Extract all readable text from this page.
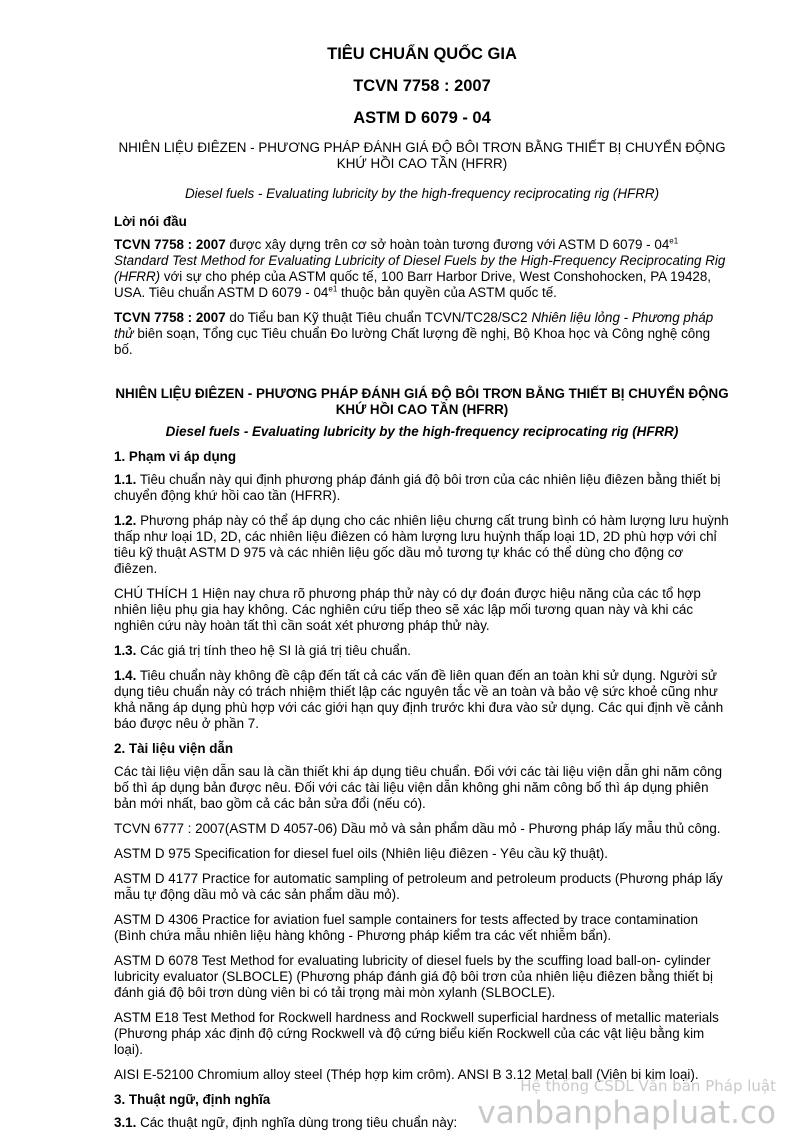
TIÊU CHUẨN QUỐC GIA
TCVN 7758 : 2007
ASTM D 6079 - 04
NHIÊN LIỆU ĐIÊZEN - PHƯƠNG PHÁP ĐÁNH GIÁ ĐỘ BÔI TRƠN BẰNG THIẾT BỊ CHUYỂN ĐỘNG KHỨ HỒI CAO TẦN (HFRR)
Diesel fuels - Evaluating lubricity by the high-frequency reciprocating rig (HFRR)
Lời nói đầu

TCVN 7758 : 2007 được xây dựng trên cơ sở hoàn toàn tương đương với ASTM D $6079 - 04^{e1}$ Standard Test Method for Evaluating Lubricity of Diesel Fuels by the High-Frequency Reciprocating Rig (HFRR) với sự cho phép của ASTM quốc tế, 100 Barr Harbor Drive, West Conshohocken, PA 19428, USA. Tiêu chuẩn ASTM D $6079 - 04^{e1}$ thuộc bản quyền của ASTM quốc tế.

TCVN 7758 : 2007 do Tiểu ban Kỹ thuật Tiêu chuẩn TCVN/TC28/SC2 Nhiên liệu lỏng - Phương pháp thử biên soạn, Tổng cục Tiêu chuẩn Đo lường Chất lượng đề nghị, Bộ Khoa học và Công nghệ công bố.

NHIÊN LIỆU ĐIÊZEN - PHƯƠNG PHÁP ĐÁNH GIÁ ĐỘ BÔI TRƠN BẰNG THIẾT BỊ CHUYỂN ĐỘNG KHỨ HỒI CAO TẦN (HFRR)
Diesel fuels - Evaluating lubricity by the high-frequency reciprocating rig (HFRR)
1. Phạm vi áp dụng

1.1. Tiêu chuẩn này qui định phương pháp đánh giá độ bôi trơn của các nhiên liệu điêzen bằng thiết bị chuyển động khứ hồi cao tần (HFRR).

1.2. Phương pháp này có thể áp dụng cho các nhiên liệu chưng cất trung bình có hàm lượng lưu huỳnh thấp như loại 1D, 2D, các nhiên liệu điêzen có hàm lượng lưu huỳnh thấp loại 1D, 2D phù hợp với chỉ tiêu kỹ thuật ASTM D 975 và các nhiên liệu gốc dầu mỏ tương tự khác có thể dùng cho động cơ điêzen.

CHÚ THÍCH 1 Hiện nay chưa rõ phương pháp thử này có dự đoán được hiệu năng của các tổ hợp nhiên liệu phụ gia hay không. Các nghiên cứu tiếp theo sẽ xác lập mối tương quan này và khi các nghiên cứu này hoàn tất thì cần soát xét phương pháp thử này.

1.3. Các giá trị tính theo hệ SI là giá trị tiêu chuẩn.

1.4. Tiêu chuẩn này không đề cập đến tất cả các vấn đề liên quan đến an toàn khi sử dụng. Người sử dụng tiêu chuẩn này có trách nhiệm thiết lập các nguyên tắc về an toàn và bảo vệ sức khoẻ cũng như khả năng áp dụng phù hợp với các giới hạn quy định trước khi đưa vào sử dụng. Các qui định về cảnh báo được nêu ở phần 7.

2. Tài liệu viện dẫn

Các tài liệu viện dẫn sau là cần thiết khi áp dụng tiêu chuẩn. Đối với các tài liệu viện dẫn ghi năm công bố thì áp dụng bản được nêu. Đối với các tài liệu viện dẫn không ghi năm công bố thì áp dụng phiên bản mới nhất, bao gồm cả các bản sửa đổi (nếu có).

TCVN 6777 : 2007(ASTM D 4057-06) Dầu mỏ và sản phẩm dầu mỏ - Phương pháp lấy mẫu thủ công.

ASTM D 975 Specification for diesel fuel oils (Nhiên liệu điêzen - Yêu cầu kỹ thuật).

ASTM D 4177 Practice for automatic sampling of petroleum and petroleum products (Phương pháp lấy mẫu tự động dầu mỏ và các sản phẩm dầu mỏ).

ASTM D 4306 Practice for aviation fuel sample containers for tests affected by trace contamination (Bình chứa mẫu nhiên liệu hàng không - Phương pháp kiểm tra các vết nhiễm bẩn).

ASTM D 6078 Test Method for evaluating lubricity of diesel fuels by the scuffing load ball-on- cylinder lubricity evaluator (SLBOCLE) (Phương pháp đánh giá độ bôi trơn của nhiên liệu điêzen bằng thiết bị đánh giá độ bôi trơn dùng viên bi có tải trọng mài mòn xylanh (SLBOCLE).

ASTM E18 Test Method for Rockwell hardness and Rockwell superficial hardness of metallic materials (Phương pháp xác định độ cứng Rockwell và độ cứng biểu kiến Rockwell của các vật liệu bằng kim loại).

AISI E-52100 Chromium alloy steel (Thép hợp kim crôm). ANSI B 3.12 Metal ball (Viên bi kim loại).

3. Thuật ngữ, định nghĩa

3.1. Các thuật ngữ, định nghĩa dùng trong tiêu chuẩn này:

Hệ thống CSDL Văn bản Pháp luật
vanbanphapluat.co
